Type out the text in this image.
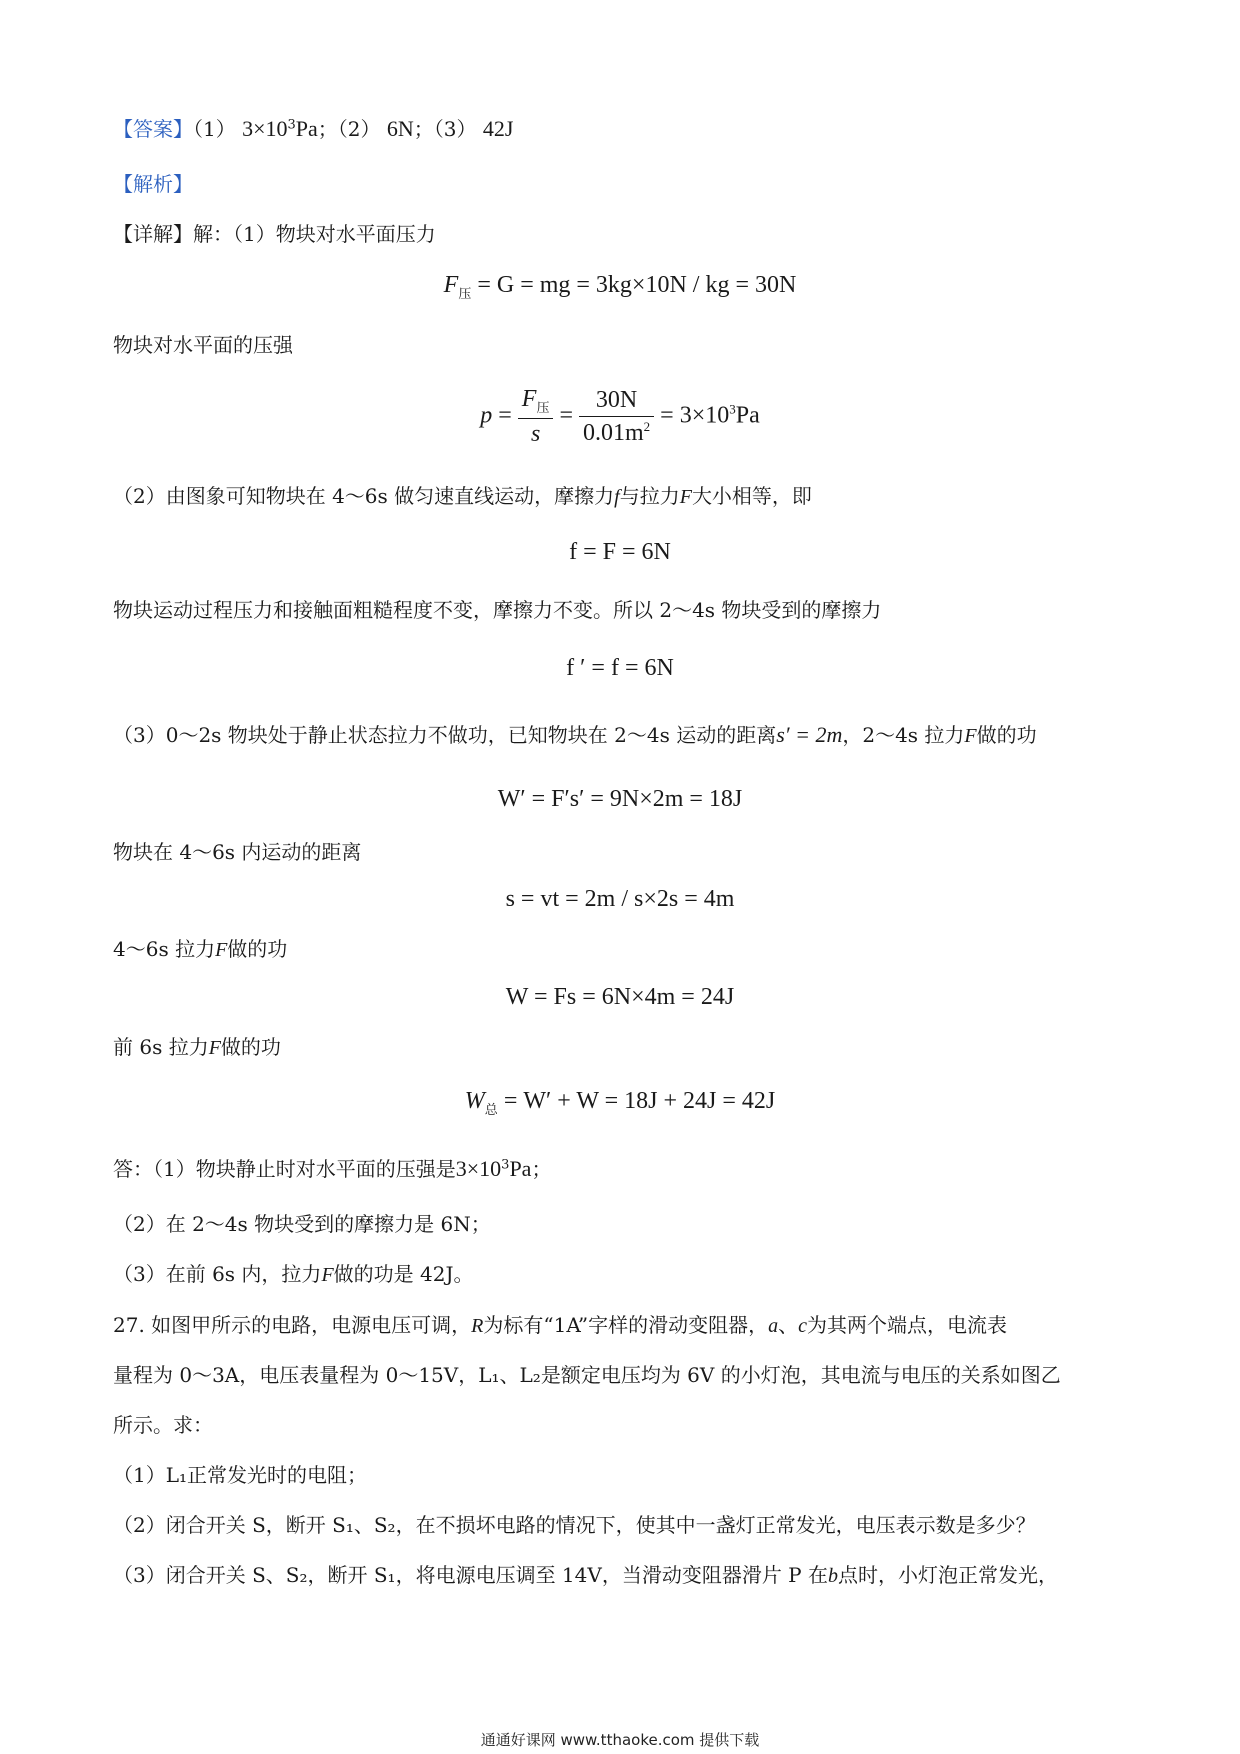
【答案】（1） $3\times 10^3Pa$；（2） 6N；（3） 42J
【解析】
【详解】解：（1）物块对水平面压力
$F_压 = G$ = mg = 3kg×10N / kg = 30N
物块对水平面的压强
$p = \frac{F_压}{s} = \frac{30N}{0.01m^2} = 3\times 10^3Pa$
（2）由图象可知物块在 4～6s 做匀速直线运动，摩擦力f与拉力F大小相等，即
f = F = 6N
物块运动过程压力和接触面粗糙程度不变，摩擦力不变。所以 2～4s 物块受到的摩擦力
f ′ = f = 6N
（3）0～2s 物块处于静止状态拉力不做功，已知物块在 2～4s 运动的距离s′ = 2m，2～4s 拉力F做的功
W′ = F′s′ = 9N×2m = 18J
物块在 4～6s 内运动的距离
s = vt = 2m / s×2s = 4m
4～6s 拉力F做的功
W = Fs = 6N×4m = 24J
前 6s 拉力F做的功
$W_总 = W' + W = 18J + 24J = 42J$
答：（1）物块静止时对水平面的压强是$3\times 10^3Pa$；
（2）在 2～4s 物块受到的摩擦力是 6N；
（3）在前 6s 内，拉力F做的功是 42J。
27. 如图甲所示的电路，电源电压可调，R为标有“1A”字样的滑动变阻器，a、c为其两个端点，电流表
量程为 0～3A，电压表量程为 0～15V，L₁、L₂是额定电压均为 6V 的小灯泡，其电流与电压的关系如图乙
所示。求：
（1）L₁正常发光时的电阻；
（2）闭合开关 S，断开 S₁、S₂，在不损坏电路的情况下，使其中一盏灯正常发光，电压表示数是多少？
（3）闭合开关 S、S₂，断开 S₁，将电源电压调至 14V，当滑动变阻器滑片 P 在b点时，小灯泡正常发光，
通通好课网 www.tthaoke.com 提供下载
